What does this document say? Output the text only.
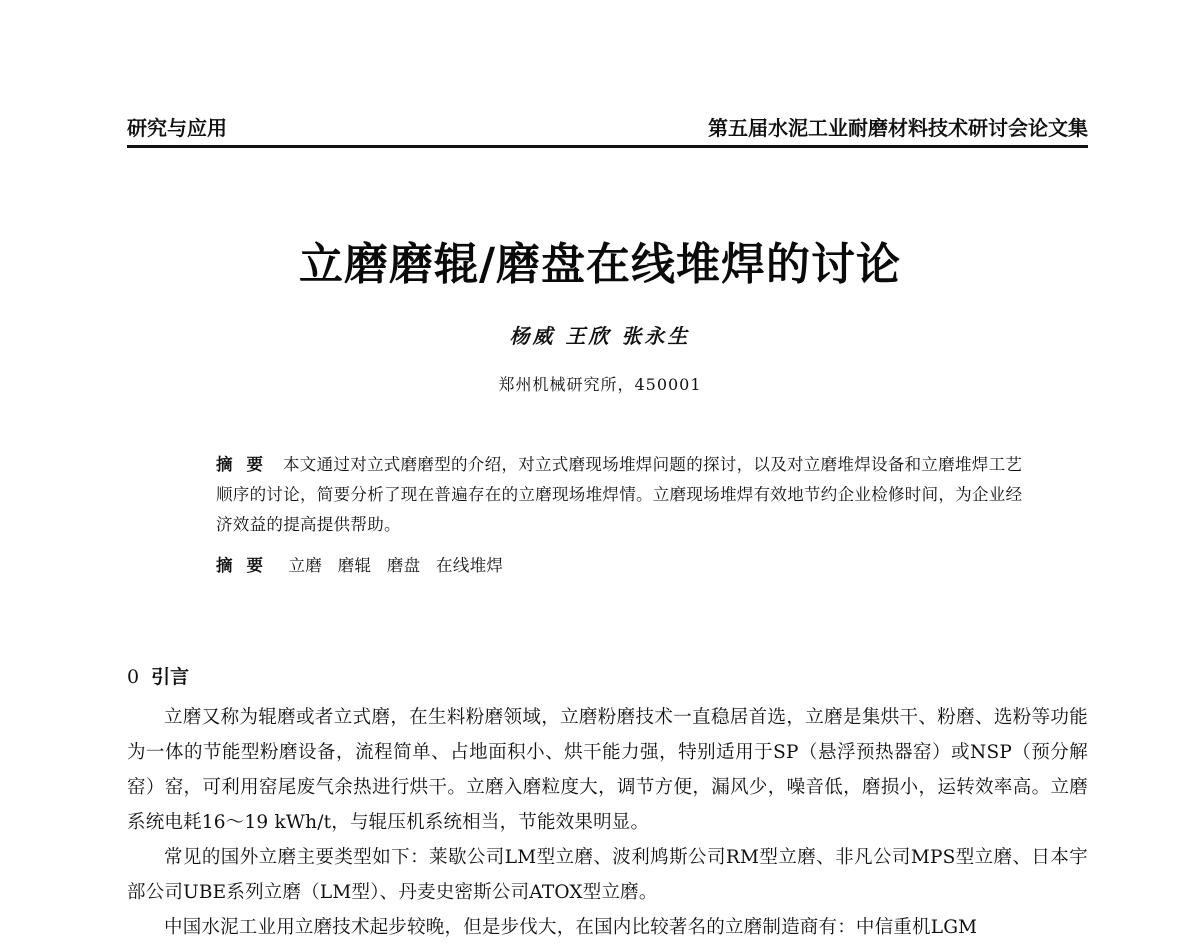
研究与应用	第五届水泥工业耐磨材料技术研讨会论文集
立磨磨辊/磨盘在线堆焊的讨论
杨威 王欣 张永生
郑州机械研究所，450001
摘要 本文通过对立式磨磨型的介绍，对立式磨现场堆焊问题的探讨，以及对立磨堆焊设备和立磨堆焊工艺顺序的讨论，简要分析了现在普遍存在的立磨现场堆焊情。立磨现场堆焊有效地节约企业检修时间，为企业经济效益的提高提供帮助。
摘要 立磨 磨辊 磨盘 在线堆焊
0 引言

立磨又称为辊磨或者立式磨，在生料粉磨领域，立磨粉磨技术一直稳居首选，立磨是集烘干、粉磨、选粉等功能为一体的节能型粉磨设备，流程简单、占地面积小、烘干能力强，特别适用于SP（悬浮预热器窑）或NSP（预分解窑）窑，可利用窑尾废气余热进行烘干。立磨入磨粒度大，调节方便，漏风少，噪音低，磨损小，运转效率高。立磨系统电耗16～19 kWh/t，与辊压机系统相当，节能效果明显。

常见的国外立磨主要类型如下：莱歇公司LM型立磨、波利鸠斯公司RM型立磨、非凡公司MPS型立磨、日本宇部公司UBE系列立磨（LM型）、丹麦史密斯公司ATOX型立磨。

中国水泥工业用立磨技术起步较晚，但是步伐大，在国内比较著名的立磨制造商有：中信重机LGM
